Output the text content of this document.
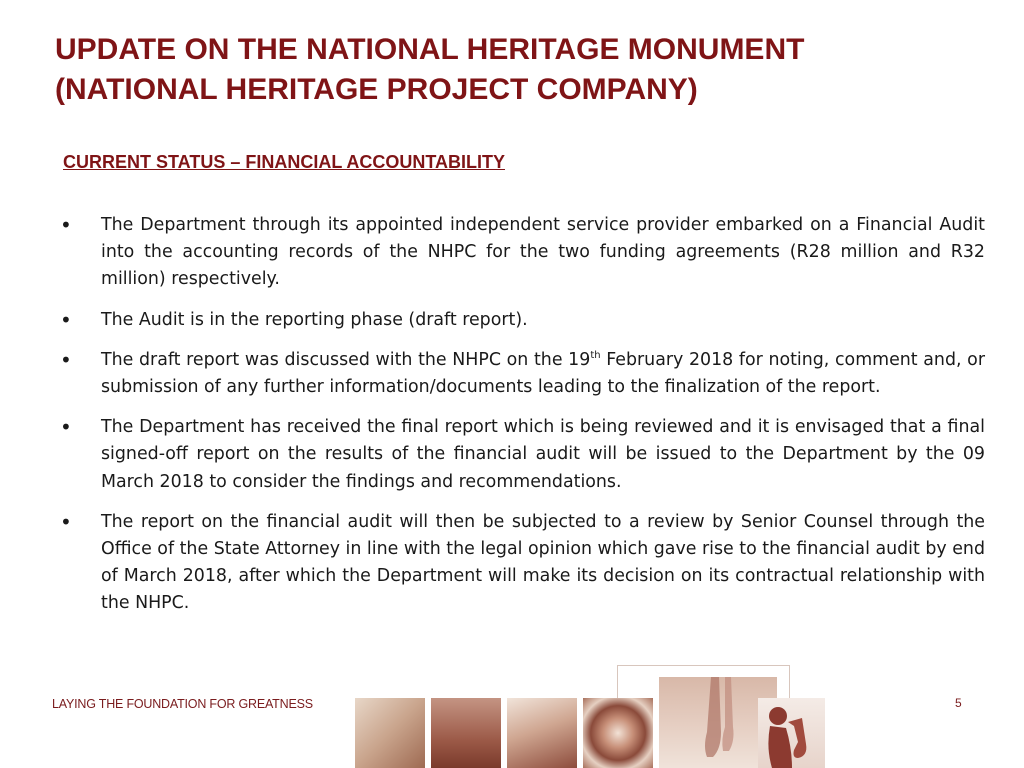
UPDATE ON THE NATIONAL HERITAGE MONUMENT
(NATIONAL HERITAGE PROJECT COMPANY)
CURRENT STATUS – FINANCIAL ACCOUNTABILITY
• The Department through its appointed independent service provider embarked on a Financial Audit into the accounting records of the NHPC for the two funding agreements (R28 million and R32 million) respectively.
• The Audit is in the reporting phase (draft report).
• The draft report was discussed with the NHPC on the 19th February 2018 for noting, comment and, or submission of any further information/documents leading to the finalization of the report.
• The Department has received the final report which is being reviewed and it is envisaged that a final signed-off report on the results of the financial audit will be issued to the Department by the 09 March 2018 to consider the findings and recommendations.
• The report on the financial audit will then be subjected to a review by Senior Counsel through the Office of the State Attorney in line with the legal opinion which gave rise to the financial audit by end of March 2018, after which the Department will make its decision on its contractual relationship with the NHPC.
LAYING THE FOUNDATION FOR GREATNESS	5
